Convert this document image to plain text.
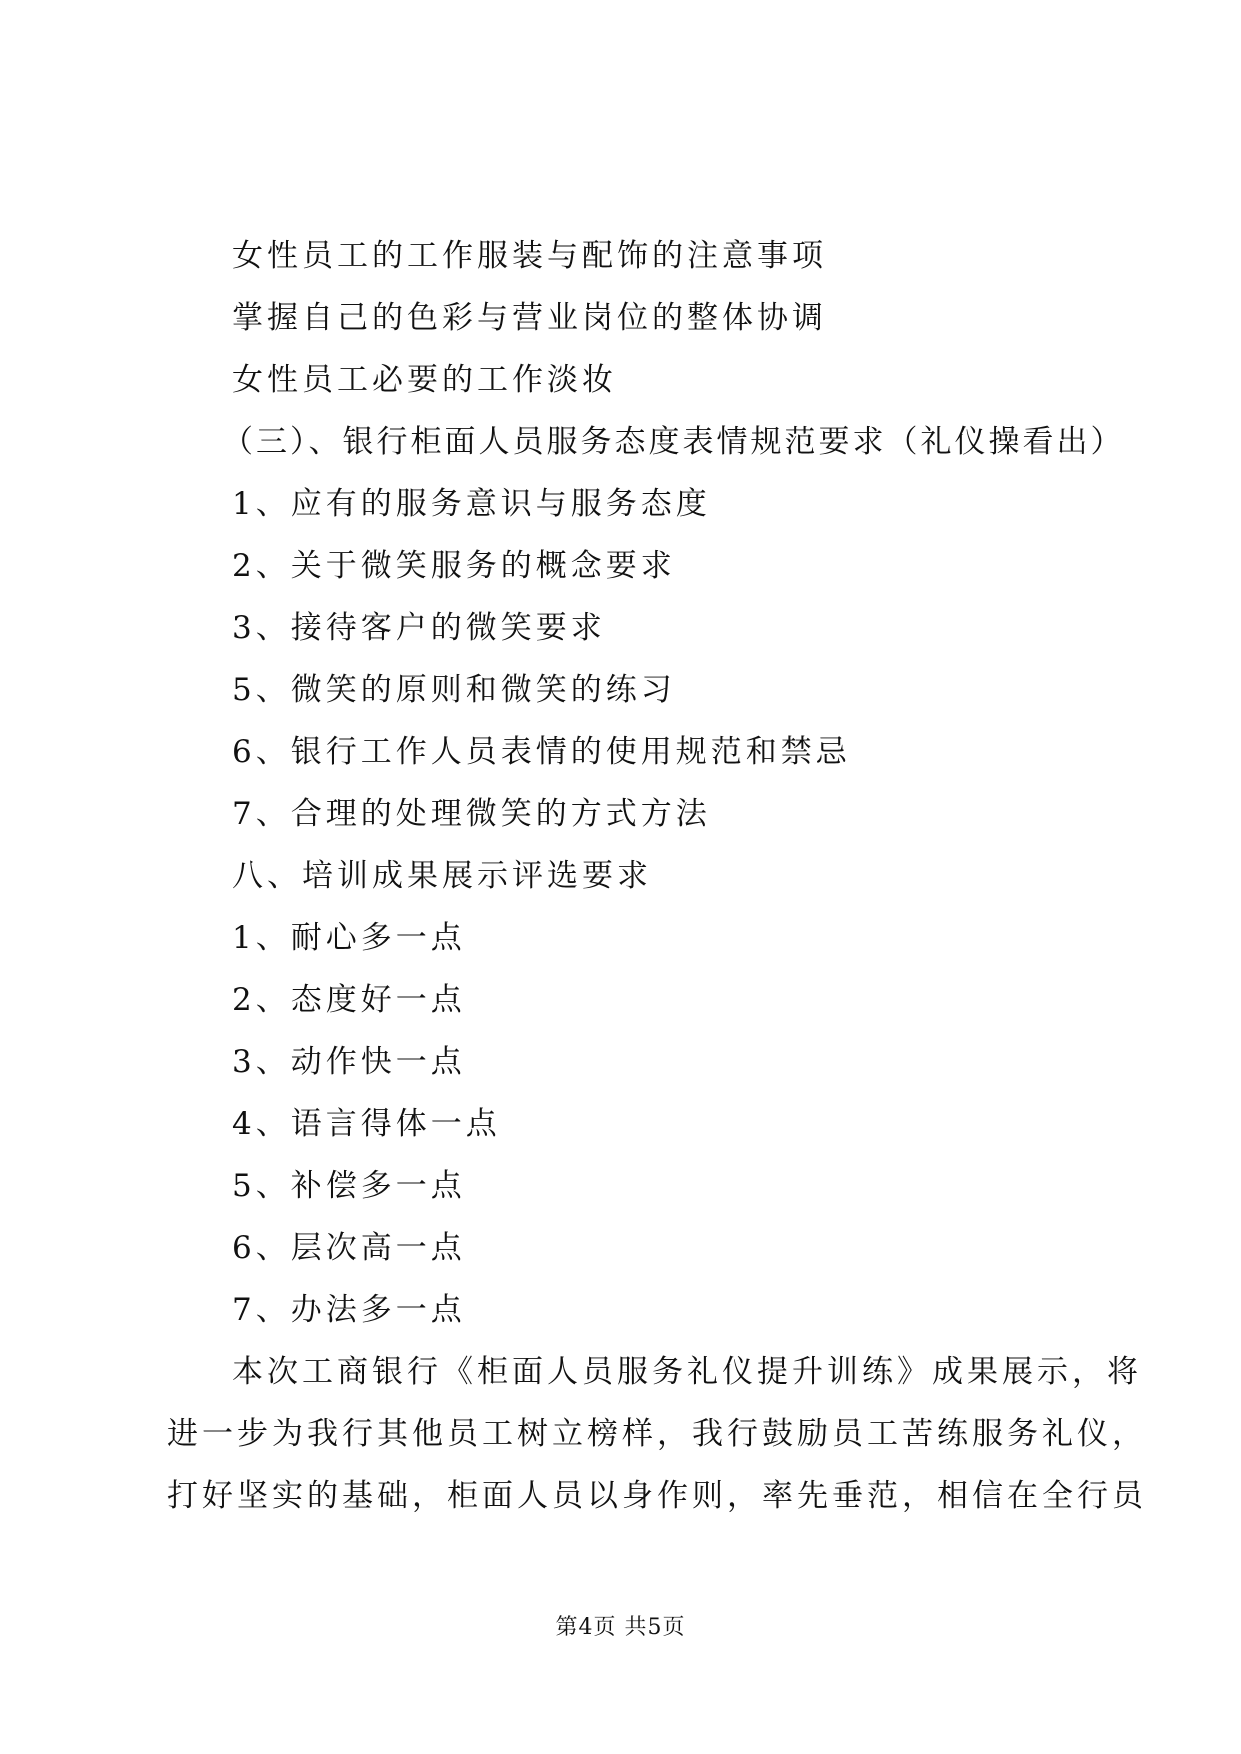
女性员工的工作服装与配饰的注意事项
掌握自己的色彩与营业岗位的整体协调
女性员工必要的工作淡妆
（三）、银行柜面人员服务态度表情规范要求（礼仪操看出）
1、应有的服务意识与服务态度
2、关于微笑服务的概念要求
3、接待客户的微笑要求
5、微笑的原则和微笑的练习
6、银行工作人员表情的使用规范和禁忌
7、合理的处理微笑的方式方法
八、培训成果展示评选要求
1、耐心多一点
2、态度好一点
3、动作快一点
4、语言得体一点
5、补偿多一点
6、层次高一点
7、办法多一点
本次工商银行《柜面人员服务礼仪提升训练》成果展示，将
进一步为我行其他员工树立榜样，我行鼓励员工苦练服务礼仪，
打好坚实的基础，柜面人员以身作则，率先垂范，相信在全行员
第4页 共5页
